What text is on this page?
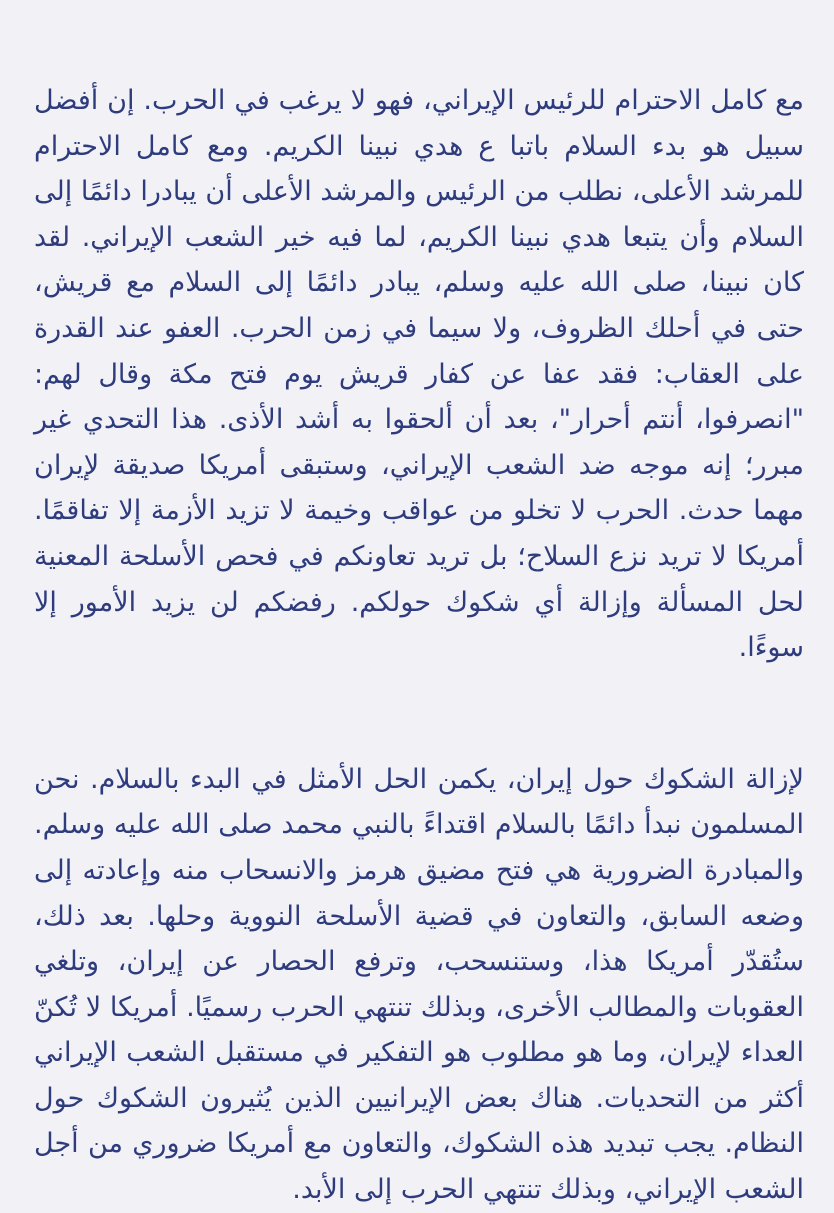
مع كامل الاحترام للرئيس الإيراني، فهو لا يرغب في الحرب. إن أفضل سبيل هو بدء السلام باتبا ع هدي نبينا الكريم. ومع كامل الاحترام للمرشد الأعلى، نطلب من الرئيس والمرشد الأعلى أن يبادرا دائمًا إلى السلام وأن يتبعا هدي نبينا الكريم، لما فيه خير الشعب الإيراني. لقد كان نبينا، صلى الله عليه وسلم، يبادر دائمًا إلى السلام مع قريش، حتى في أحلك الظروف، ولا سيما في زمن الحرب. العفو عند القدرة على العقاب: فقد عفا عن كفار قريش يوم فتح مكة وقال لهم: "انصرفوا، أنتم أحرار"، بعد أن ألحقوا به أشد الأذى. هذا التحدي غير مبرر؛ إنه موجه ضد الشعب الإيراني، وستبقى أمريكا صديقة لإيران مهما حدث. الحرب لا تخلو من عواقب وخيمة لا تزيد الأزمة إلا تفاقمًا. أمريكا لا تريد نزع السلاح؛ بل تريد تعاونكم في فحص الأسلحة المعنية لحل المسألة وإزالة أي شكوك حولكم. رفضكم لن يزيد الأمور إلا سوءًا.

لإزالة الشكوك حول إيران، يكمن الحل الأمثل في البدء بالسلام. نحن المسلمون نبدأ دائمًا بالسلام اقتداءً بالنبي محمد صلى الله عليه وسلم. والمبادرة الضرورية هي فتح مضيق هرمز والانسحاب منه وإعادته إلى وضعه السابق، والتعاون في قضية الأسلحة النووية وحلها. بعد ذلك، ستُقدّر أمريكا هذا، وستنسحب، وترفع الحصار عن إيران، وتلغي العقوبات والمطالب الأخرى، وبذلك تنتهي الحرب رسميًا. أمريكا لا تُكنّ العداء لإيران، وما هو مطلوب هو التفكير في مستقبل الشعب الإيراني أكثر من التحديات. هناك بعض الإيرانيين الذين يُثيرون الشكوك حول النظام. يجب تبديد هذه الشكوك، والتعاون مع أمريكا ضروري من أجل الشعب الإيراني، وبذلك تنتهي الحرب إلى الأبد.
